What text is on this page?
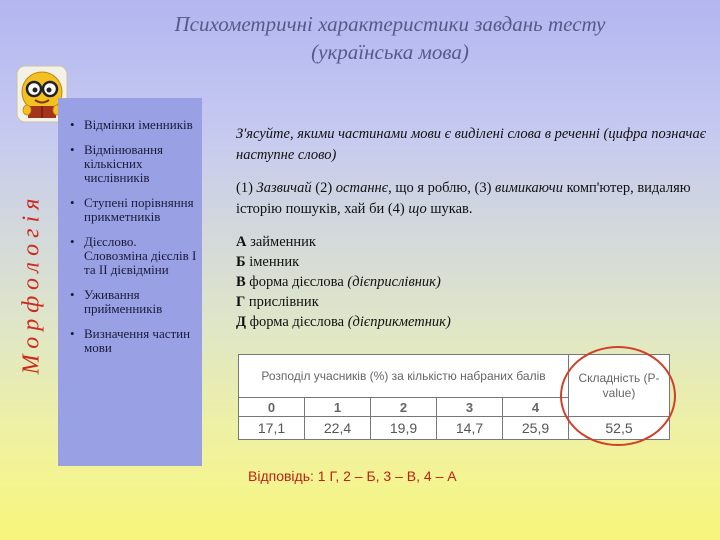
Психометричні характеристики завдань тесту
(українська мова)
Морфологія
• Відмінки іменників
• Відмінювання кількісних числівників
• Ступені порівняння прикметників
• Дієслово. Словозміна дієслів І та ІІ дієвідміни
• Уживання прийменників
• Визначення частин мови

З'ясуйте, якими частинами мови є виділені слова в реченні (цифра позначає наступне слово)

(1) Зазвичай (2) останнє, що я роблю, (3) вимикаючи комп'ютер, видаляю історію пошуків, хай би (4) що шукав.

А займенник
Б іменник
В форма дієслова (дієприслівник)
Г прислівник
Д форма дієслова (дієприкметник)
Розподіл учасників (%) за кількістю набраних балів					Складність (P-value)
0	1	2	3	4	
17,1	22,4	19,9	14,7	25,9	52,5
Відповідь: 1 Г, 2 – Б, 3 – В, 4 – А
